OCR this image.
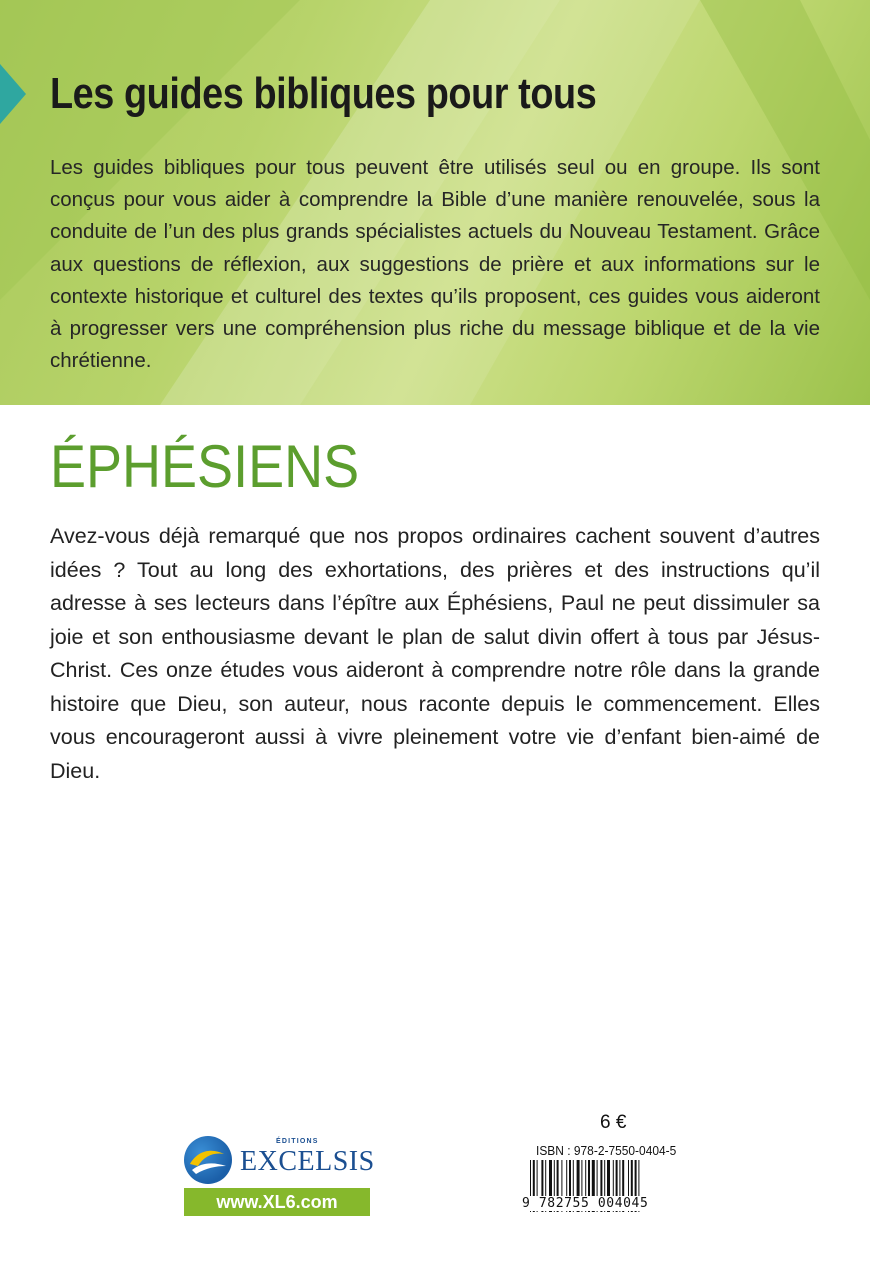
Les guides bibliques pour tous

Les guides bibliques pour tous peuvent être utilisés seul ou en groupe. Ils sont conçus pour vous aider à comprendre la Bible d’une manière renouvelée, sous la conduite de l’un des plus grands spécialistes actuels du Nouveau Testament. Grâce aux questions de réflexion, aux suggestions de prière et aux informations sur le contexte historique et culturel des textes qu’ils proposent, ces guides vous aideront à progresser vers une compréhension plus riche du message biblique et de la vie chrétienne.

ÉPHÉSIENS

Avez-vous déjà remarqué que nos propos ordinaires cachent souvent d’autres idées ? Tout au long des exhortations, des prières et des instructions qu’il adresse à ses lecteurs dans l’épître aux Éphésiens, Paul ne peut dissimuler sa joie et son enthousiasme devant le plan de salut divin offert à tous par Jésus-Christ. Ces onze études vous aideront à comprendre notre rôle dans la grande histoire que Dieu, son auteur, nous raconte depuis le commencement. Elles vous encourageront aussi à vivre pleinement votre vie d’enfant bien-aimé de Dieu.

ÉDITIONS
EXCELSIS
www.XL6.com
6 €
ISBN : 978-2-7550-0404-5
9 782755 004045
